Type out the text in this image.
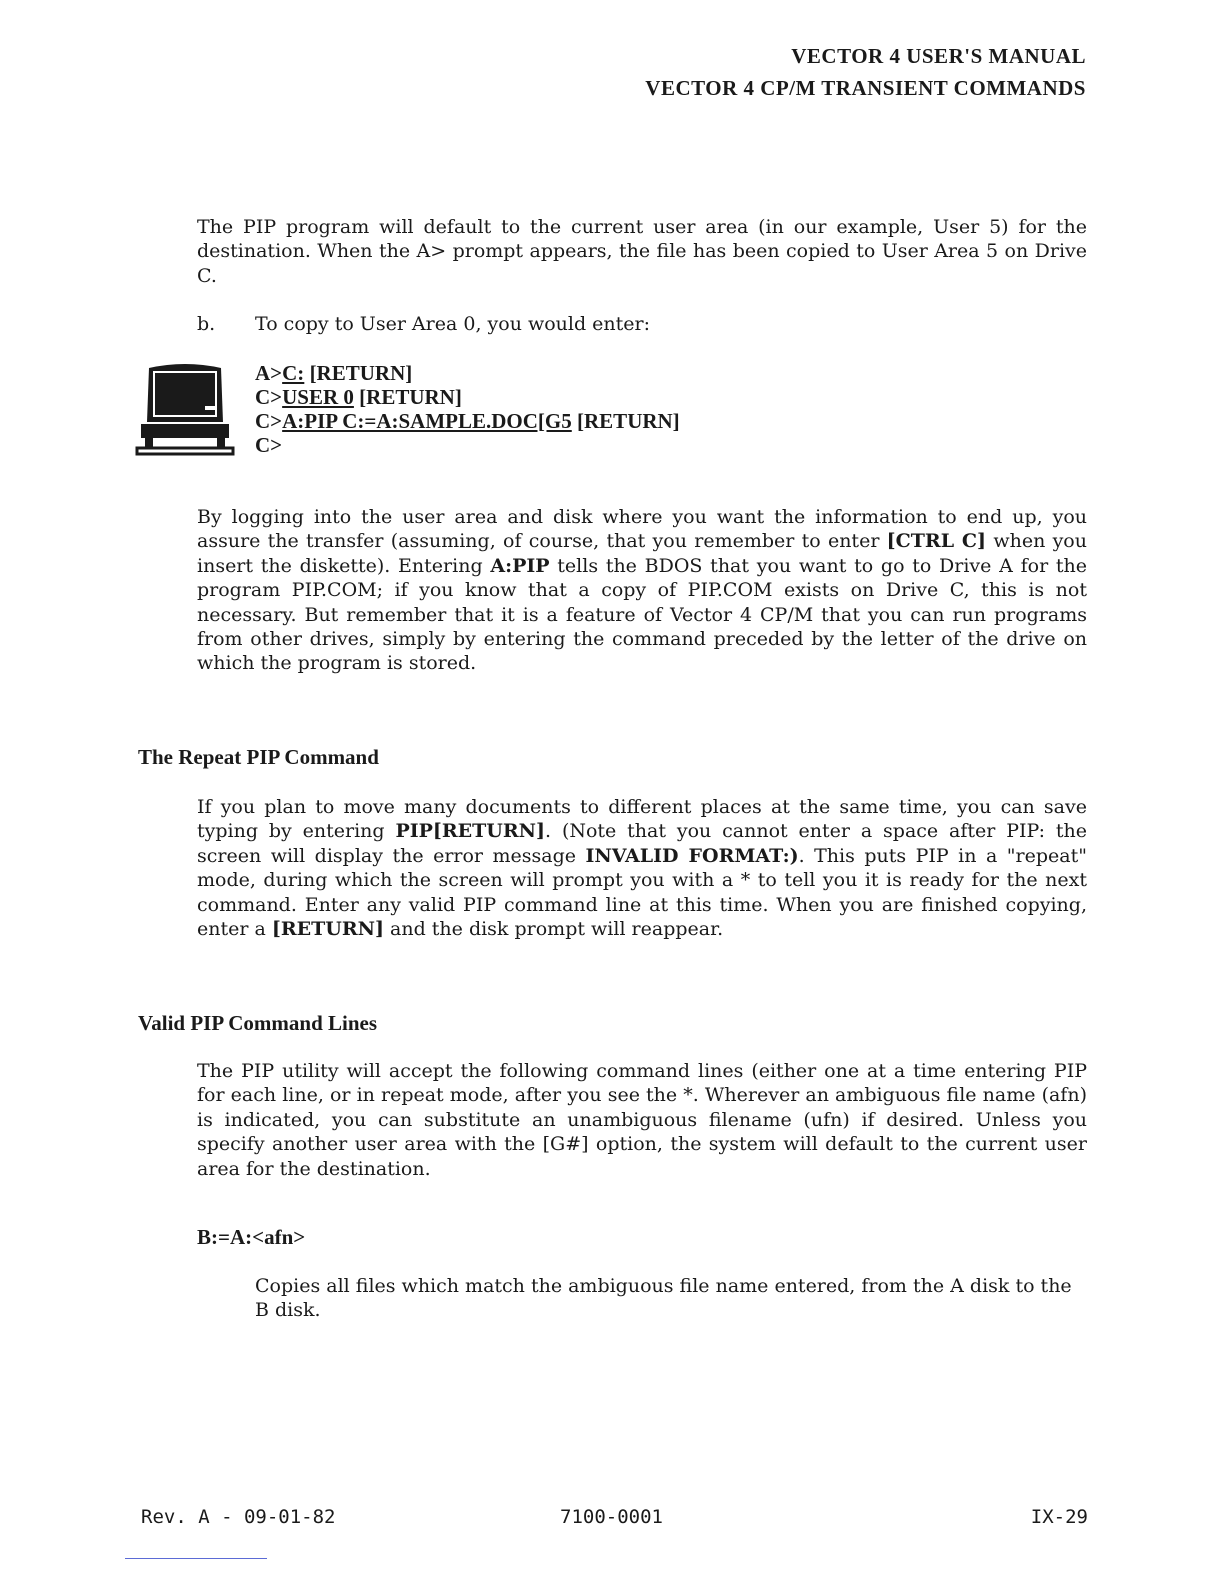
VECTOR 4 USER'S MANUAL
VECTOR 4 CP/M TRANSIENT COMMANDS

The PIP program will default to the current user area (in our example, User 5) for the destination. When the A> prompt appears, the file has been copied to User Area 5 on Drive C.

b. To copy to User Area 0, you would enter:
A>C: [RETURN]
C>USER 0 [RETURN]
C>A:PIP C:=A:SAMPLE.DOC[G5 [RETURN]
C>

By logging into the user area and disk where you want the information to end up, you assure the transfer (assuming, of course, that you remember to enter [CTRL C] when you insert the diskette). Entering A:PIP tells the BDOS that you want to go to Drive A for the program PIP.COM; if you know that a copy of PIP.COM exists on Drive C, this is not necessary. But remember that it is a feature of Vector 4 CP/M that you can run programs from other drives, simply by entering the command preceded by the letter of the drive on which the program is stored.

The Repeat PIP Command

If you plan to move many documents to different places at the same time, you can save typing by entering PIP[RETURN]. (Note that you cannot enter a space after PIP: the screen will display the error message INVALID FORMAT:). This puts PIP in a "repeat" mode, during which the screen will prompt you with a * to tell you it is ready for the next command. Enter any valid PIP command line at this time. When you are finished copying, enter a [RETURN] and the disk prompt will reappear.

Valid PIP Command Lines

The PIP utility will accept the following command lines (either one at a time entering PIP for each line, or in repeat mode, after you see the *. Wherever an ambiguous file name (afn) is indicated, you can substitute an unambiguous filename (ufn) if desired. Unless you specify another user area with the [G#] option, the system will default to the current user area for the destination.

B:=A:<afn>

Copies all files which match the ambiguous file name entered, from the A disk to the B disk.

Rev. A - 09-01-82	7100-0001	IX-29
